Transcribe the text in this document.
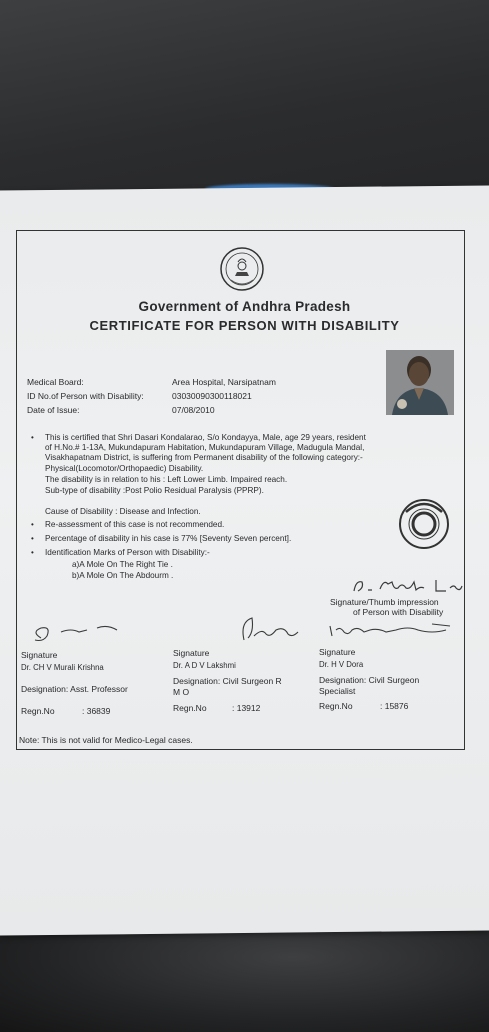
Government of Andhra Pradesh
CERTIFICATE FOR PERSON WITH DISABILITY
Medical Board:	Area Hospital, Narsipatnam
ID No.of Person with Disability:	03030090300118021
Date of Issue:	07/08/2010
• This is certified that Shri Dasari Kondalarao, S/o Kondayya, Male, age 29 years, resident
of H.No.# 1-13A, Mukundapuram Habitation, Mukundapuram Village, Madugula Mandal,
Visakhapatnam District, is suffering from Permanent disability of the following category:-
Physical(Locomotor/Orthopaedic) Disability.
The disability is in relation to his : Left Lower Limb. Impaired reach.
Sub-type of disability :Post Polio Residual Paralysis (PPRP).
Cause of Disability : Disease and Infection.
• Re-assessment of this case is not recommended.
• Percentage of disability in his case is 77% [Seventy Seven percent].
• Identification Marks of Person with Disability:-
a)A Mole On The Right Tie .
b)A Mole On The Abdourm .
Signature/Thumb impression
of Person with Disability
Signature
Dr. CH V Murali Krishna
Designation: Asst. Professor
Regn.No	: 36839
Signature
Dr. A D V Lakshmi
Designation: Civil Surgeon R
M O
Regn.No	: 13912
Signature
Dr. H V Dora
Designation: Civil Surgeon
Specialist
Regn.No	: 15876
Note: This is not valid for Medico-Legal cases.
